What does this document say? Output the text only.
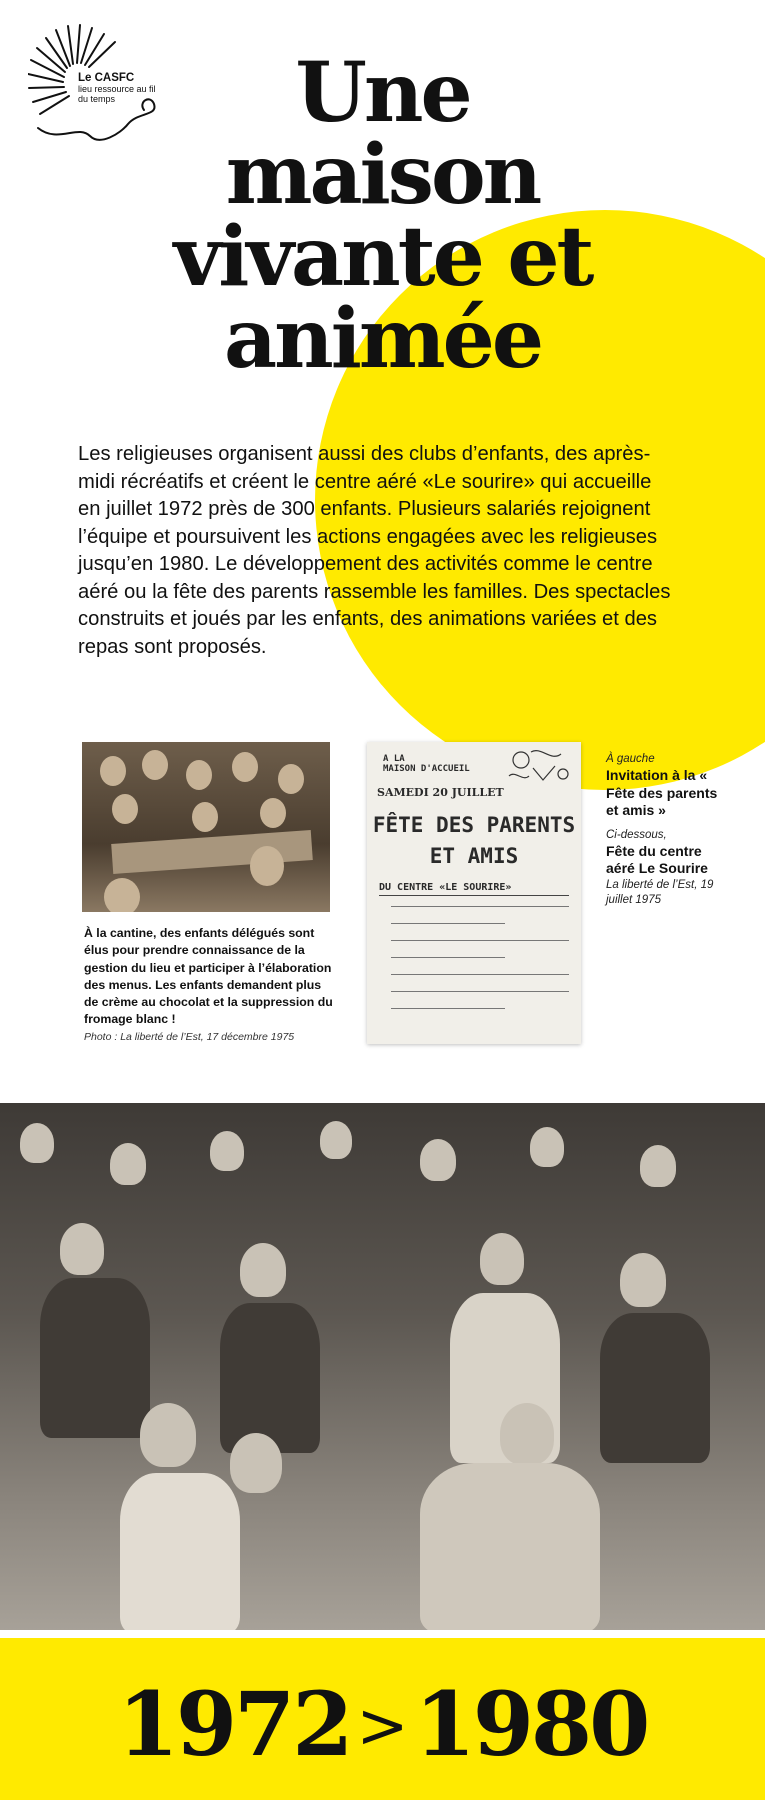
Le CASFC
lieu ressource au fil du temps	Une
maison
vivante et
animée

Les religieuses organisent aussi des clubs d’enfants, des après-midi récréatifs et créent le centre aéré «Le sourire» qui accueille en juillet 1972 près de 300 enfants. Plusieurs salariés rejoignent l’équipe et poursuivent les actions engagées avec les religieuses jusqu’en 1980. Le développement des activités comme le centre aéré ou la fête des parents rassemble les familles. Des spectacles construits et joués par les enfants, des animations variées et des repas sont proposés.

À la cantine, des enfants délégués sont élus pour prendre connaissance de la gestion du lieu et participer à l’élaboration des menus. Les enfants demandent plus de crème au chocolat et la suppression du fromage blanc !
Photo : La liberté de l’Est, 17 décembre 1975
A LA
MAISON D'ACCUEIL
SAMEDI 20 JUILLET
FÊTE DES PARENTS
ET AMIS
DU CENTRE «LE SOURIRE»
À gauche
Invitation à la « Fête des parents et amis »
Ci-dessous,
Fête du centre aéré Le Sourire
La liberté de l’Est, 19 juillet 1975
1972>1980
